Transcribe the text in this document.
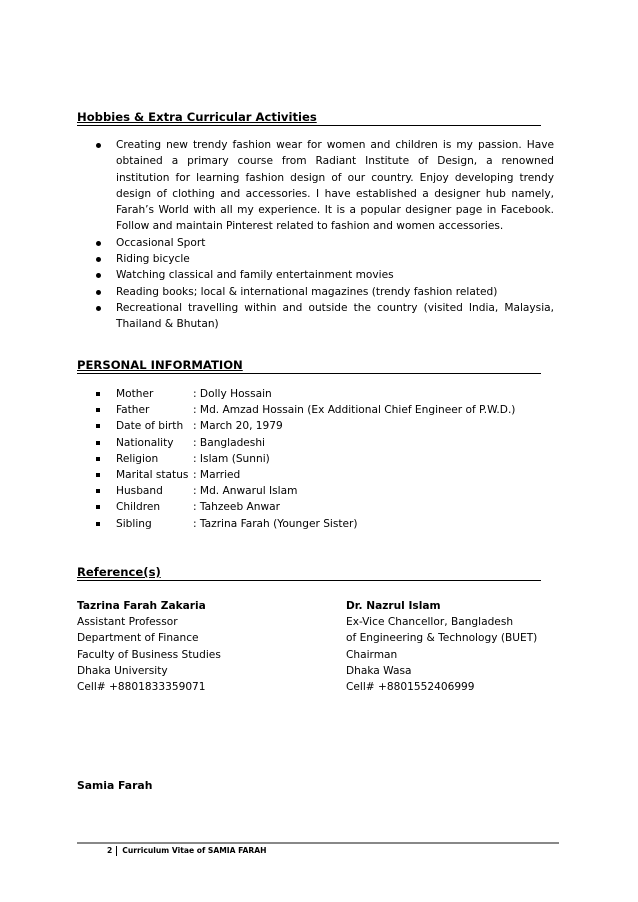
Hobbies & Extra Curricular Activities
Creating new trendy fashion wear for women and children is my passion. Have obtained a primary course from Radiant Institute of Design, a renowned institution for learning fashion design of our country. Enjoy developing trendy design of clothing and accessories. I have established a designer hub namely, Farah’s World with all my experience. It is a popular designer page in Facebook. Follow and maintain Pinterest related to fashion and women accessories.
Occasional Sport
Riding bicycle
Watching classical and family entertainment movies
Reading books; local & international magazines (trendy fashion related)
Recreational travelling within and outside the country (visited India, Malaysia, Thailand & Bhutan)
PERSONAL INFORMATION
Mother	: Dolly Hossain
Father	: Md. Amzad Hossain (Ex Additional Chief Engineer of P.W.D.)
Date of birth : March 20, 1979
Nationality : Bangladeshi
Religion	: Islam (Sunni)
Marital status : Married
Husband	: Md. Anwarul Islam
Children	: Tahzeeb Anwar
Sibling	: Tazrina Farah (Younger Sister)
Reference(s)
Tazrina Farah Zakaria
Assistant Professor
Department of Finance
Faculty of Business Studies
Dhaka University
Cell# +8801833359071
Dr. Nazrul Islam
Ex-Vice Chancellor, Bangladesh
of Engineering & Technology (BUET)
Chairman
Dhaka Wasa
Cell# +8801552406999
Samia Farah
2 Curriculum Vitae of SAMIA FARAH
